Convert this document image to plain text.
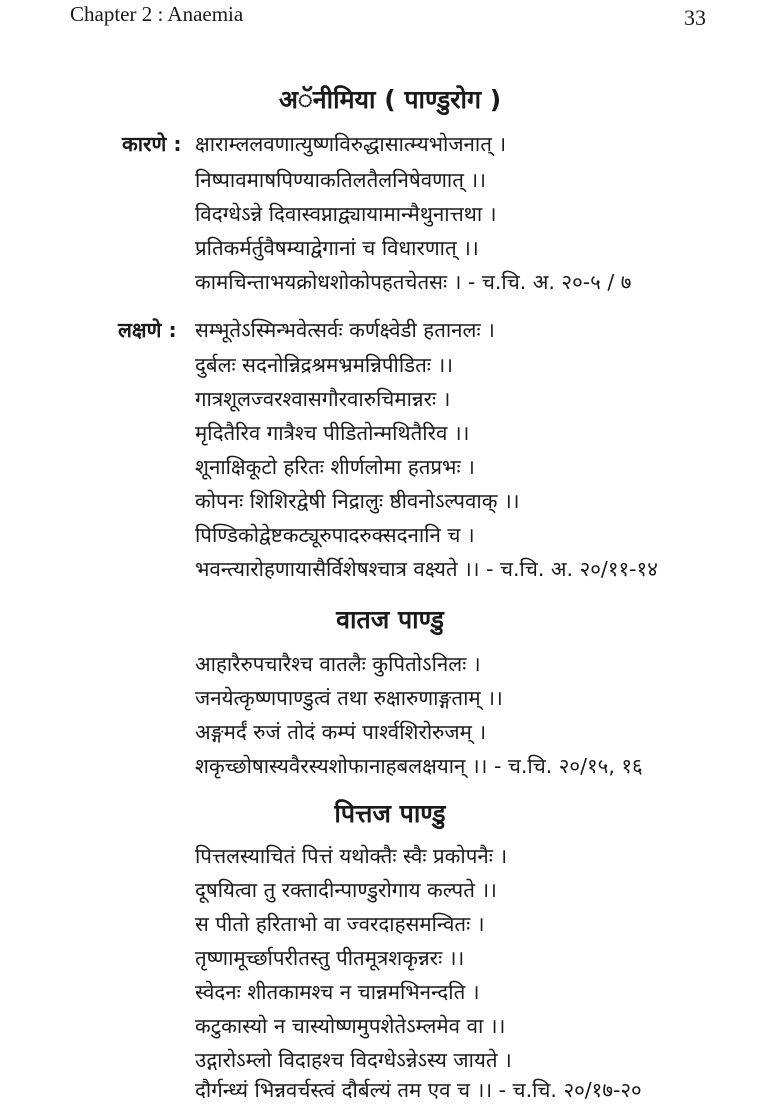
Chapter 2 : Anaemia	33
अॅनीमिया ( पाण्डुरोग )
कारणे : क्षाराम्ललवणात्युष्णविरुद्धासात्म्यभोजनात् ।
निष्पावमाषपिण्याकतिलतैलनिषेवणात् ।।
विदग्धेऽन्ने दिवास्वप्नाद्व्यायामान्मैथुनात्तथा ।
प्रतिकर्मर्तुवैषम्याद्वेगानां च विधारणात् ।।
कामचिन्ताभयक्रोधशोकोपहतचेतसः । - च.चि. अ. २०-५ / ७
लक्षणे : सम्भूतेऽस्मिन्भवेत्सर्वः कर्णक्ष्वेडी हतानलः ।
दुर्बलः सदनोन्निद्रश्रमभ्रमन्निपीडितः ।।
गात्रशूलज्वरश्वासगौरवारुचिमान्नरः ।
मृदितैरिव गात्रैश्च पीडितोन्मथितैरिव ।।
शूनाक्षिकूटो हरितः शीर्णलोमा हतप्रभः ।
कोपनः शिशिरद्वेषी निद्रालुः ष्ठीवनोऽल्पवाक् ।।
पिण्डिकोद्वेष्टकट्यूरुपादरुक्सदनानि च ।
भवन्त्यारोहणायासैर्विशेषश्चात्र वक्ष्यते ।। - च.चि. अ. २०/११-१४
वातज पाण्डु
आहारैरुपचारैश्च वातलैः कुपितोऽनिलः ।
जनयेत्कृष्णपाण्डुत्वं तथा रुक्षारुणाङ्गताम् ।।
अङ्गमर्दं रुजं तोदं कम्पं पार्श्वशिरोरुजम् ।
शकृच्छोषास्यवैरस्यशोफानाहबलक्षयान् ।। - च.चि. २०/१५, १६
पित्तज पाण्डु
पित्तलस्याचितं पित्तं यथोक्तैः स्वैः प्रकोपनैः ।
दूषयित्वा तु रक्तादीन्पाण्डुरोगाय कल्पते ।।
स पीतो हरिताभो वा ज्वरदाहसमन्वितः ।
तृष्णामूर्च्छापरीतस्तु पीतमूत्रशकृन्नरः ।।
स्वेदनः शीतकामश्च न चान्नमभिनन्दति ।
कटुकास्यो न चास्योष्णमुपशेतेऽम्लमेव वा ।।
उद्गारोऽम्लो विदाहश्च विदग्धेऽन्नेऽस्य जायते ।
दौर्गन्ध्यं भिन्नवर्चस्त्वं दौर्बल्यं तम एव च ।। - च.चि. २०/१७-२०
